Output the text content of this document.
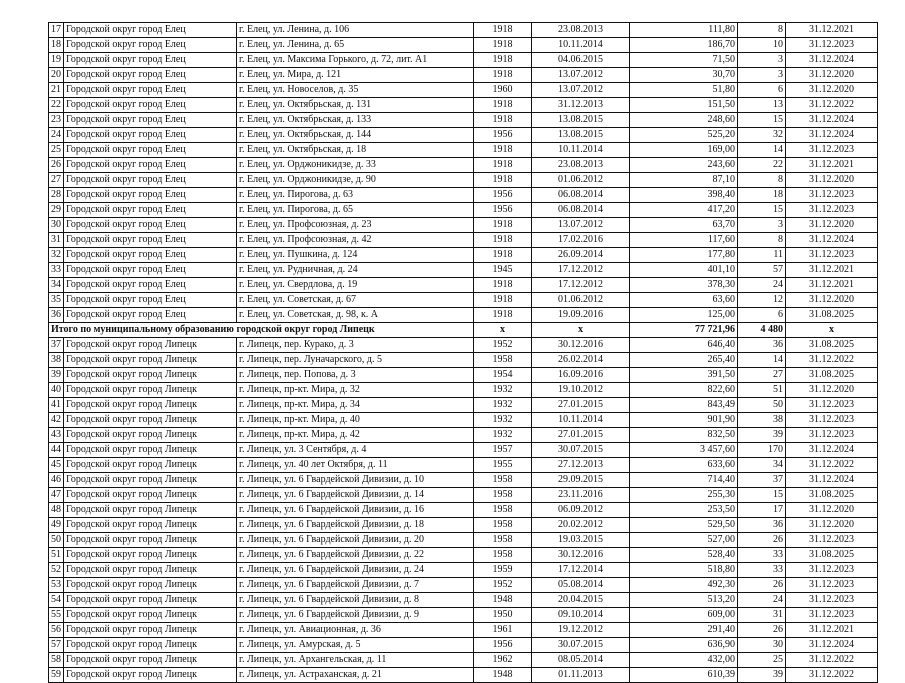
17	Городской округ город Елец	г. Елец, ул. Ленина, д. 106	1918	23.08.2013	111,80	8	31.12.2021
18	Городской округ город Елец	г. Елец, ул. Ленина, д. 65	1918	10.11.2014	186,70	10	31.12.2023
19	Городской округ город Елец	г. Елец, ул. Максима Горького, д. 72, лит. А1	1918	04.06.2015	71,50	3	31.12.2024
20	Городской округ город Елец	г. Елец, ул. Мира, д. 121	1918	13.07.2012	30,70	3	31.12.2020
21	Городской округ город Елец	г. Елец, ул. Новоселов, д. 35	1960	13.07.2012	51,80	6	31.12.2020
22	Городской округ город Елец	г. Елец, ул. Октябрьская, д. 131	1918	31.12.2013	151,50	13	31.12.2022
23	Городской округ город Елец	г. Елец, ул. Октябрьская, д. 133	1918	13.08.2015	248,60	15	31.12.2024
24	Городской округ город Елец	г. Елец, ул. Октябрьская, д. 144	1956	13.08.2015	525,20	32	31.12.2024
25	Городской округ город Елец	г. Елец, ул. Октябрьская, д. 18	1918	10.11.2014	169,00	14	31.12.2023
26	Городской округ город Елец	г. Елец, ул. Орджоникидзе, д. 33	1918	23.08.2013	243,60	22	31.12.2021
27	Городской округ город Елец	г. Елец, ул. Орджоникидзе, д. 90	1918	01.06.2012	87,10	8	31.12.2020
28	Городской округ город Елец	г. Елец, ул. Пирогова, д. 63	1956	06.08.2014	398,40	18	31.12.2023
29	Городской округ город Елец	г. Елец, ул. Пирогова, д. 65	1956	06.08.2014	417,20	15	31.12.2023
30	Городской округ город Елец	г. Елец, ул. Профсоюзная, д. 23	1918	13.07.2012	63,70	3	31.12.2020
31	Городской округ город Елец	г. Елец, ул. Профсоюзная, д. 42	1918	17.02.2016	117,60	8	31.12.2024
32	Городской округ город Елец	г. Елец, ул. Пушкина, д. 124	1918	26.09.2014	177,80	11	31.12.2023
33	Городской округ город Елец	г. Елец, ул. Рудничная, д. 24	1945	17.12.2012	401,10	57	31.12.2021
34	Городской округ город Елец	г. Елец, ул. Свердлова, д. 19	1918	17.12.2012	378,30	24	31.12.2021
35	Городской округ город Елец	г. Елец, ул. Советская, д. 67	1918	01.06.2012	63,60	12	31.12.2020
36	Городской округ город Елец	г. Елец, ул. Советская, д. 98, к. А	1918	19.09.2016	125,00	6	31.08.2025
Итого по муниципальному образованию городской округ город Липецк			x	x	77 721,96	4 480	x
37	Городской округ город Липецк	г. Липецк, пер. Курако, д. 3	1952	30.12.2016	646,40	36	31.08.2025
38	Городской округ город Липецк	г. Липецк, пер. Луначарского, д. 5	1958	26.02.2014	265,40	14	31.12.2022
39	Городской округ город Липецк	г. Липецк, пер. Попова, д. 3	1954	16.09.2016	391,50	27	31.08.2025
40	Городской округ город Липецк	г. Липецк, пр-кт. Мира, д. 32	1932	19.10.2012	822,60	51	31.12.2020
41	Городской округ город Липецк	г. Липецк, пр-кт. Мира, д. 34	1932	27.01.2015	843,49	50	31.12.2023
42	Городской округ город Липецк	г. Липецк, пр-кт. Мира, д. 40	1932	10.11.2014	901,90	38	31.12.2023
43	Городской округ город Липецк	г. Липецк, пр-кт. Мира, д. 42	1932	27.01.2015	832,50	39	31.12.2023
44	Городской округ город Липецк	г. Липецк, ул. 3 Сентября, д. 4	1957	30.07.2015	3 457,60	170	31.12.2024
45	Городской округ город Липецк	г. Липецк, ул. 40 лет Октября, д. 11	1955	27.12.2013	633,60	34	31.12.2022
46	Городской округ город Липецк	г. Липецк, ул. 6 Гвардейской Дивизии, д. 10	1958	29.09.2015	714,40	37	31.12.2024
47	Городской округ город Липецк	г. Липецк, ул. 6 Гвардейской Дивизии, д. 14	1958	23.11.2016	255,30	15	31.08.2025
48	Городской округ город Липецк	г. Липецк, ул. 6 Гвардейской Дивизии, д. 16	1958	06.09.2012	253,50	17	31.12.2020
49	Городской округ город Липецк	г. Липецк, ул. 6 Гвардейской Дивизии, д. 18	1958	20.02.2012	529,50	36	31.12.2020
50	Городской округ город Липецк	г. Липецк, ул. 6 Гвардейской Дивизии, д. 20	1958	19.03.2015	527,00	26	31.12.2023
51	Городской округ город Липецк	г. Липецк, ул. 6 Гвардейской Дивизии, д. 22	1958	30.12.2016	528,40	33	31.08.2025
52	Городской округ город Липецк	г. Липецк, ул. 6 Гвардейской Дивизии, д. 24	1959	17.12.2014	518,80	33	31.12.2023
53	Городской округ город Липецк	г. Липецк, ул. 6 Гвардейской Дивизии, д. 7	1952	05.08.2014	492,30	26	31.12.2023
54	Городской округ город Липецк	г. Липецк, ул. 6 Гвардейской Дивизии, д. 8	1948	20.04.2015	513,20	24	31.12.2023
55	Городской округ город Липецк	г. Липецк, ул. 6 Гвардейской Дивизии, д. 9	1950	09.10.2014	609,00	31	31.12.2023
56	Городской округ город Липецк	г. Липецк, ул. Авиационная, д. 36	1961	19.12.2012	291,40	26	31.12.2021
57	Городской округ город Липецк	г. Липецк, ул. Амурская, д. 5	1956	30.07.2015	636,90	30	31.12.2024
58	Городской округ город Липецк	г. Липецк, ул. Архангельская, д. 11	1962	08.05.2014	432,00	25	31.12.2022
59	Городской округ город Липецк	г. Липецк, ул. Астраханская, д. 21	1948	01.11.2013	610,39	39	31.12.2022
